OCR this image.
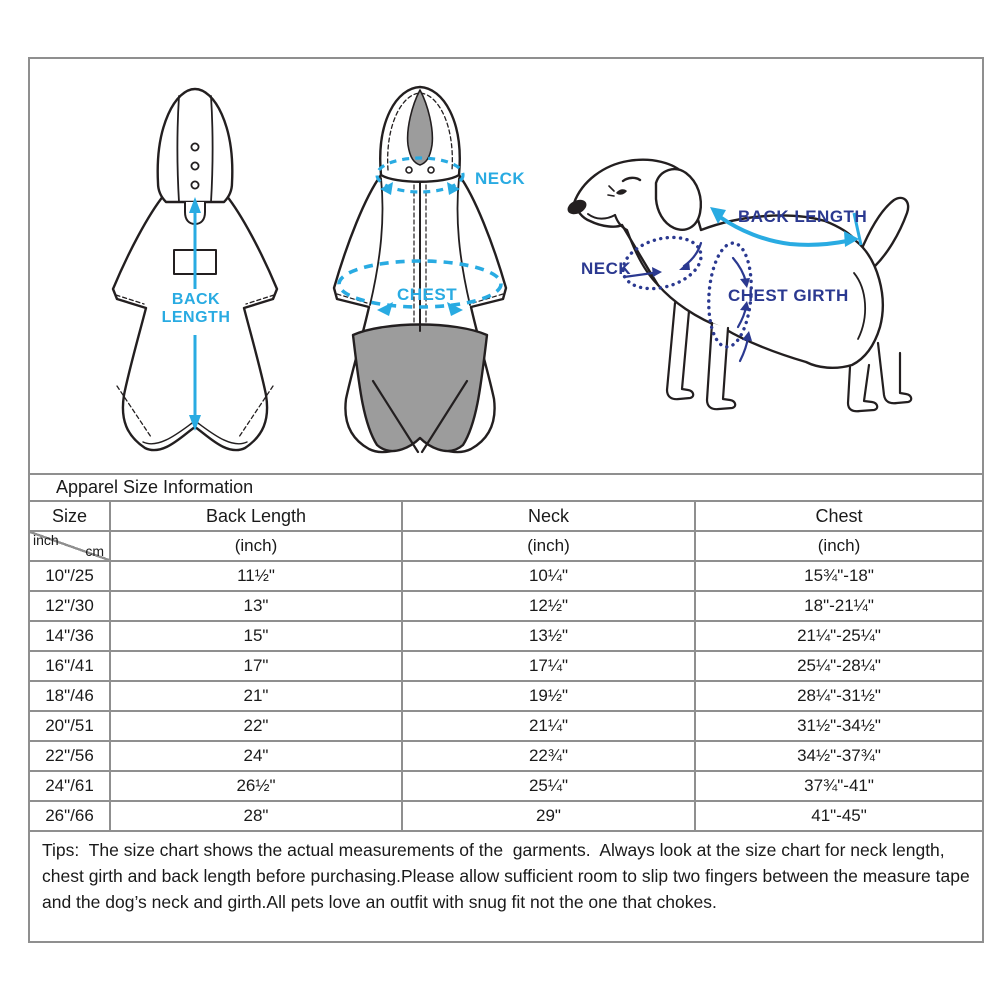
BACK LENGTH
NECK
CHEST
BACK LENGTH
NECK
CHEST GIRTH
Apparel Size Information			
Size	Back Length	Neck	Chest

inch
cm	(inch)	(inch)	(inch)
10"/25	11½"	10¼"	15¾"-18"
12"/30	13"	12½"	18"-21¼"
14"/36	15"	13½"	21¼"-25¼"
16"/41	17"	17¼"	25¼"-28¼"
18"/46	21"	19½"	28¼"-31½"
20"/51	22"	21¼"	31½"-34½"
22"/56	24"	22¾"	34½"-37¾"
24"/61	26½"	25¼"	37¾"-41"
26"/66	28"	29"	41"-45"
Tips:  The size chart shows the actual measurements of the  garments.  Always look at the size chart for neck length, chest girth and back length before purchasing.Please allow sufficient room to slip two fingers between the measure tape and the dog’s neck and girth.All pets love an outfit with snug fit not the one that chokes.
